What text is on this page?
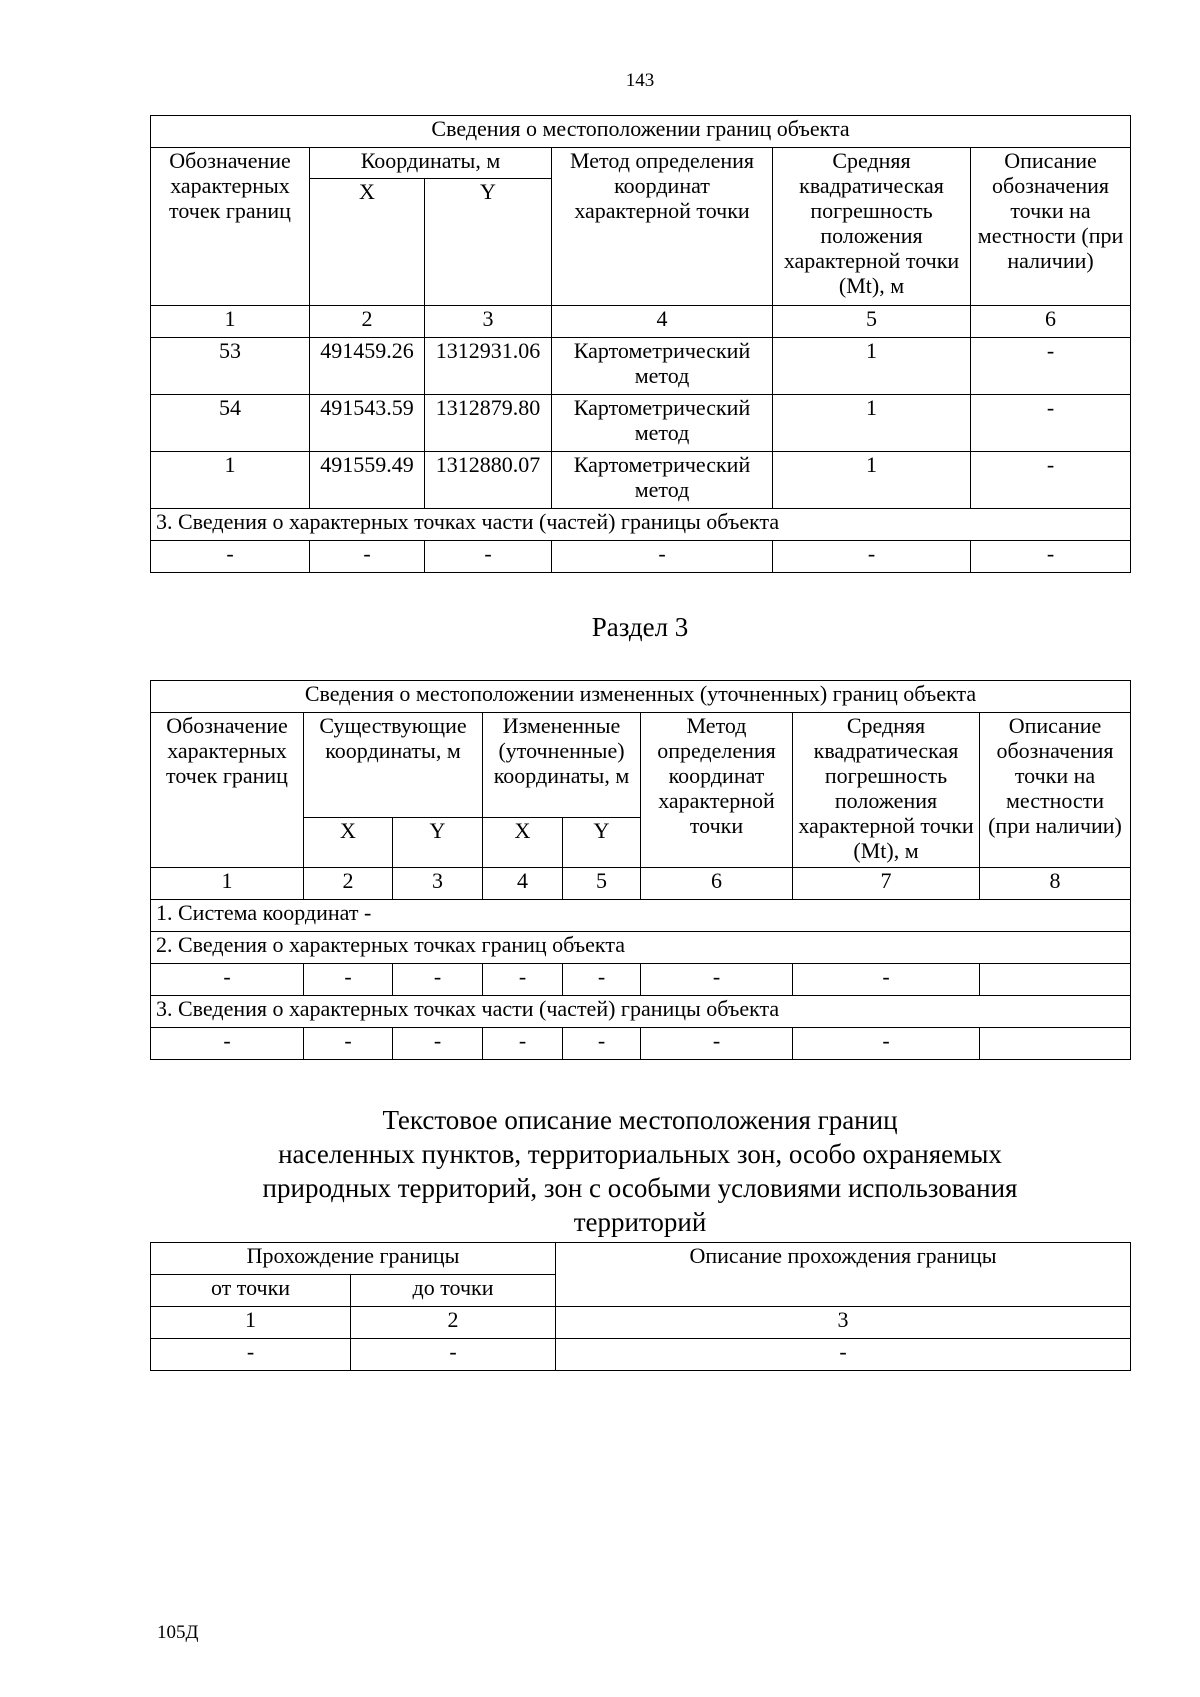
143
Сведения о местоположении границ объекта					
Обозначение характерных точек границ	Координаты, м		Метод определения координат характерной точки	Средняя квадратическая погрешность положения характерной точки (Mt), м	Описание обозначения точки на местности (при наличии)
	X	Y			
1	2	3	4	5	6
53	491459.26	1312931.06	Картометрический метод	1	-
54	491543.59	1312879.80	Картометрический метод	1	-
1	491559.49	1312880.07	Картометрический метод	1	-
3. Сведения о характерных точках части (частей) границы объекта					
-	-	-	-	-	-
Раздел 3
Сведения о местоположении измененных (уточненных) границ объекта							
Обозначение характерных точек границ	Существующие координаты, м		Измененные (уточненные) координаты, м		Метод определения координат характерной точки	Средняя квадратическая погрешность положения характерной точки (Mt), м	Описание обозначения точки на местности (при наличии)
	X	Y	X	Y			
1	2	3	4	5	6	7	8
1. Система координат -							
2. Сведения о характерных точках границ объекта							
-	-	-	-	-	-	-	
3. Сведения о характерных точках части (частей) границы объекта							
-	-	-	-	-	-	-	
Текстовое описание местоположения границ
населенных пунктов, территориальных зон, особо охраняемых
природных территорий, зон с особыми условиями использования
территорий
Прохождение границы		Описание прохождения границы
от точки	до точки	
1	2	3
-	-	-
105Д
